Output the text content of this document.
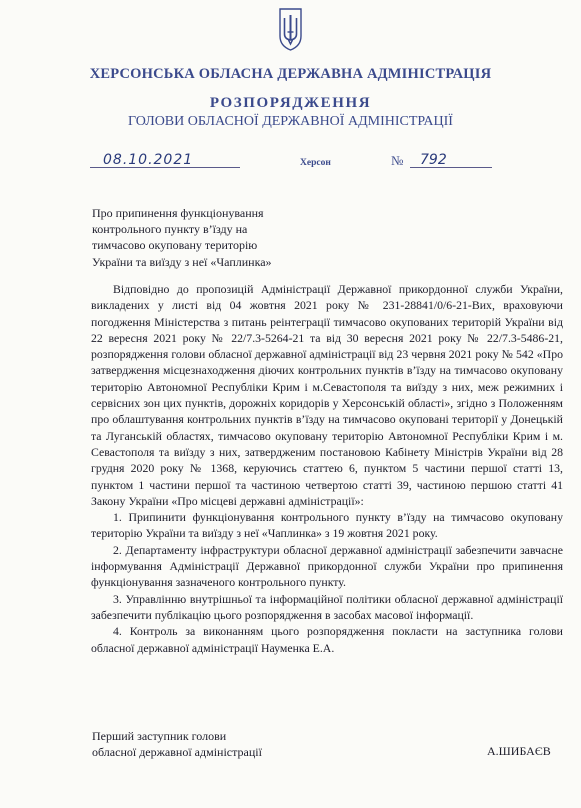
ХЕРСОНСЬКА ОБЛАСНА ДЕРЖАВНА АДМІНІСТРАЦІЯ
РОЗПОРЯДЖЕННЯ
ГОЛОВИ ОБЛАСНОЇ ДЕРЖАВНОЇ АДМІНІСТРАЦІЇ
08.10.2021	Херсон	№ 792
Про припинення функціонування
контрольного пункту в’їзду на
тимчасово окуповану територію
України та виїзду з неї «Чаплинка»

Відповідно до пропозицій Адміністрації Державної прикордонної служби України, викладених у листі від 04 жовтня 2021 року № 231-28841/0/6-21-Вих, враховуючи погодження Міністерства з питань реінтеграції тимчасово окупованих територій України від 22 вересня 2021 року № 22/7.3-5264-21 та від 30 вересня 2021 року № 22/7.3-5486-21, розпорядження голови обласної державної адміністрації від 23 червня 2021 року № 542 «Про затвердження місцезнаходження діючих контрольних пунктів в’їзду на тимчасово окуповану територію Автономної Республіки Крим і м.Севастополя та виїзду з них, меж режимних і сервісних зон цих пунктів, дорожніх коридорів у Херсонській області», згідно з Положенням про облаштування контрольних пунктів в’їзду на тимчасово окуповані території у Донецькій та Луганській областях, тимчасово окуповану територію Автономної Республіки Крим і м. Севастополя та виїзду з них, затвердженим постановою Кабінету Міністрів України від 28 грудня 2020 року № 1368, керуючись статтею 6, пунктом 5 частини першої статті 13, пунктом 1 частини першої та частиною четвертою статті 39, частиною першою статті 41 Закону України «Про місцеві державні адміністрації»:

1. Припинити функціонування контрольного пункту в’їзду на тимчасово окуповану територію України та виїзду з неї «Чаплинка» з 19 жовтня 2021 року.

2. Департаменту інфраструктури обласної державної адміністрації забезпечити завчасне інформування Адміністрації Державної прикордонної служби України про припинення функціонування зазначеного контрольного пункту.

3. Управлінню внутрішньої та інформаційної політики обласної державної адміністрації забезпечити публікацію цього розпорядження в засобах масової інформації.

4. Контроль за виконанням цього розпорядження покласти на заступника голови обласної державної адміністрації Науменка Е.А.

Перший заступник голови
обласної державної адміністрації	А.ШИБАЄВ
